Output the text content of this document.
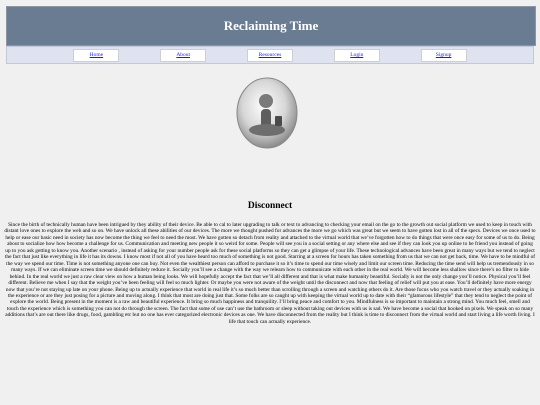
Reclaiming Time
Home	About	Resources	Login	Signup
Disconnect

Since the birth of technically human have been intrigued by they ability of their device. Be able to cal to later upgrading to talk or text to advancing to checking your email on the go to the growth out social platform we used to keep in touch with distant love ones to explore the web and so on. We have unlock all these abilities of our devices. The more we thought pushed for advances the more we go which was great but we seem to have gotten lost in all of the specs. Devices we once used to help or ease our basic need in society has now become the thing we feel to need the most. We have gotten so detach from reality and attached to the virtual world that we’ve forgotten how to do things that were once easy for some of us to do. Being about to socialize how how become a challenge for us. Communication and meeting new people it so weird for some. People will see you in a social setting or any where else and see if they can look you up online to be friend you instead of going up to you ask getting to know you. Another scenario , instead of asking for your number people ask for these social platforms so they can get a glimpse of your life. These technological advances have been great in many ways but we tend to neglect the fact that just like everything in life it has its downs. I know most if not all of you have heard too much of something is not good. Starring at a screen for hours has taken something from us that we can not get back, time. We have to be mindful of the way we spend our time. Time is not something anyone one can buy. Not even the wealthiest person can afford to purchase it so it’s time to spend our time wisely and limit our screen time. Reducing the time send will help us tremendously in so many ways. If we can eliminate screen time we should definitely reduce it. Socially you’ll see a change with the way we relearn how to communicate with each other in the real world. We will become less shallow since there’s no filter to hide behind. In the real world we just a raw clear view on how a human being looks. We will hopefully accept the fact that we’ll all different and that is what make humanity beautiful. Socially is not the only change you’ll notice. Physical you’ll feel different. Believe me when I say that the weight you’ve been feeling will feel so much lighter. Or maybe you were not aware of the weight until the disconnect and now that feeling of relief will put you at ease. You’ll definitely have more energy now that you’re not staying up late on your phone. Being up to actually experience that world in real life it’s so much better than scrolling through a screen and watching others do it. Are those focus who you watch travel or they actually soaking in the experience or are they just posing for a picture and moving along. I think that most are doing just that. Some folks are so caught up with keeping the virtual world up to date with their “glamorous lifestyle” that they tend to neglect the point of explore the world. Being present in the moment is a raw and beautiful experience. It bring so much happiness and tranquility. I’ll bring peace and comfort to you. Mindfulness is so important to maintain a strong mind. You much feel, smell and touch the experience which is something you can not do through the screen. The fact that some of use can’t use the bathroom or sleep without taking out devices with us is sad. We have become a social that hooked on pixels. We speak on so many additions that’s are out there like drugs, food, gambling etc but no one has ever categorized electronic devices as one. We have disconnected from the reality but I think is time to disconnect from the virtual world and start living a life worth living. I life that touch can actually experience.
